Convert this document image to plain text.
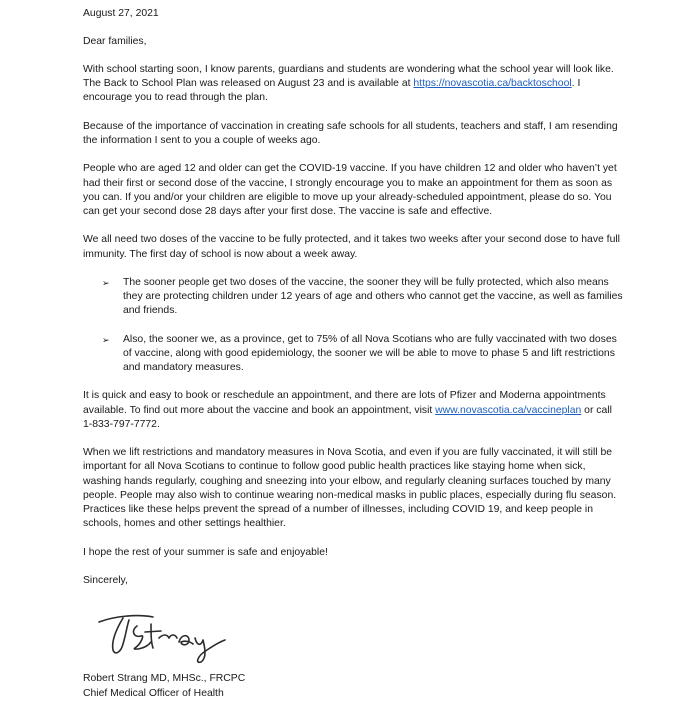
August 27, 2021

Dear families,

With school starting soon, I know parents, guardians and students are wondering what the school year will look like. The Back to School Plan was released on August 23 and is available at https://novascotia.ca/backtoschool. I encourage you to read through the plan.

Because of the importance of vaccination in creating safe schools for all students, teachers and staff, I am resending the information I sent to you a couple of weeks ago.

People who are aged 12 and older can get the COVID-19 vaccine. If you have children 12 and older who haven’t yet had their first or second dose of the vaccine, I strongly encourage you to make an appointment for them as soon as you can. If you and/or your children are eligible to move up your already-scheduled appointment, please do so. You can get your second dose 28 days after your first dose. The vaccine is safe and effective.

We all need two doses of the vaccine to be fully protected, and it takes two weeks after your second dose to have full immunity. The first day of school is now about a week away.

➢ The sooner people get two doses of the vaccine, the sooner they will be fully protected, which also means they are protecting children under 12 years of age and others who cannot get the vaccine, as well as families and friends.
➢ Also, the sooner we, as a province, get to 75% of all Nova Scotians who are fully vaccinated with two doses of vaccine, along with good epidemiology, the sooner we will be able to move to phase 5 and lift restrictions and mandatory measures.

It is quick and easy to book or reschedule an appointment, and there are lots of Pfizer and Moderna appointments available. To find out more about the vaccine and book an appointment, visit www.novascotia.ca/vaccineplan or call 1-833-797-7772.

When we lift restrictions and mandatory measures in Nova Scotia, and even if you are fully vaccinated, it will still be important for all Nova Scotians to continue to follow good public health practices like staying home when sick, washing hands regularly, coughing and sneezing into your elbow, and regularly cleaning surfaces touched by many people. People may also wish to continue wearing non-medical masks in public places, especially during flu season. Practices like these helps prevent the spread of a number of illnesses, including COVID 19, and keep people in schools, homes and other settings healthier.

I hope the rest of your summer is safe and enjoyable!

Sincerely,

Robert Strang MD, MHSc., FRCPC

Chief Medical Officer of Health
